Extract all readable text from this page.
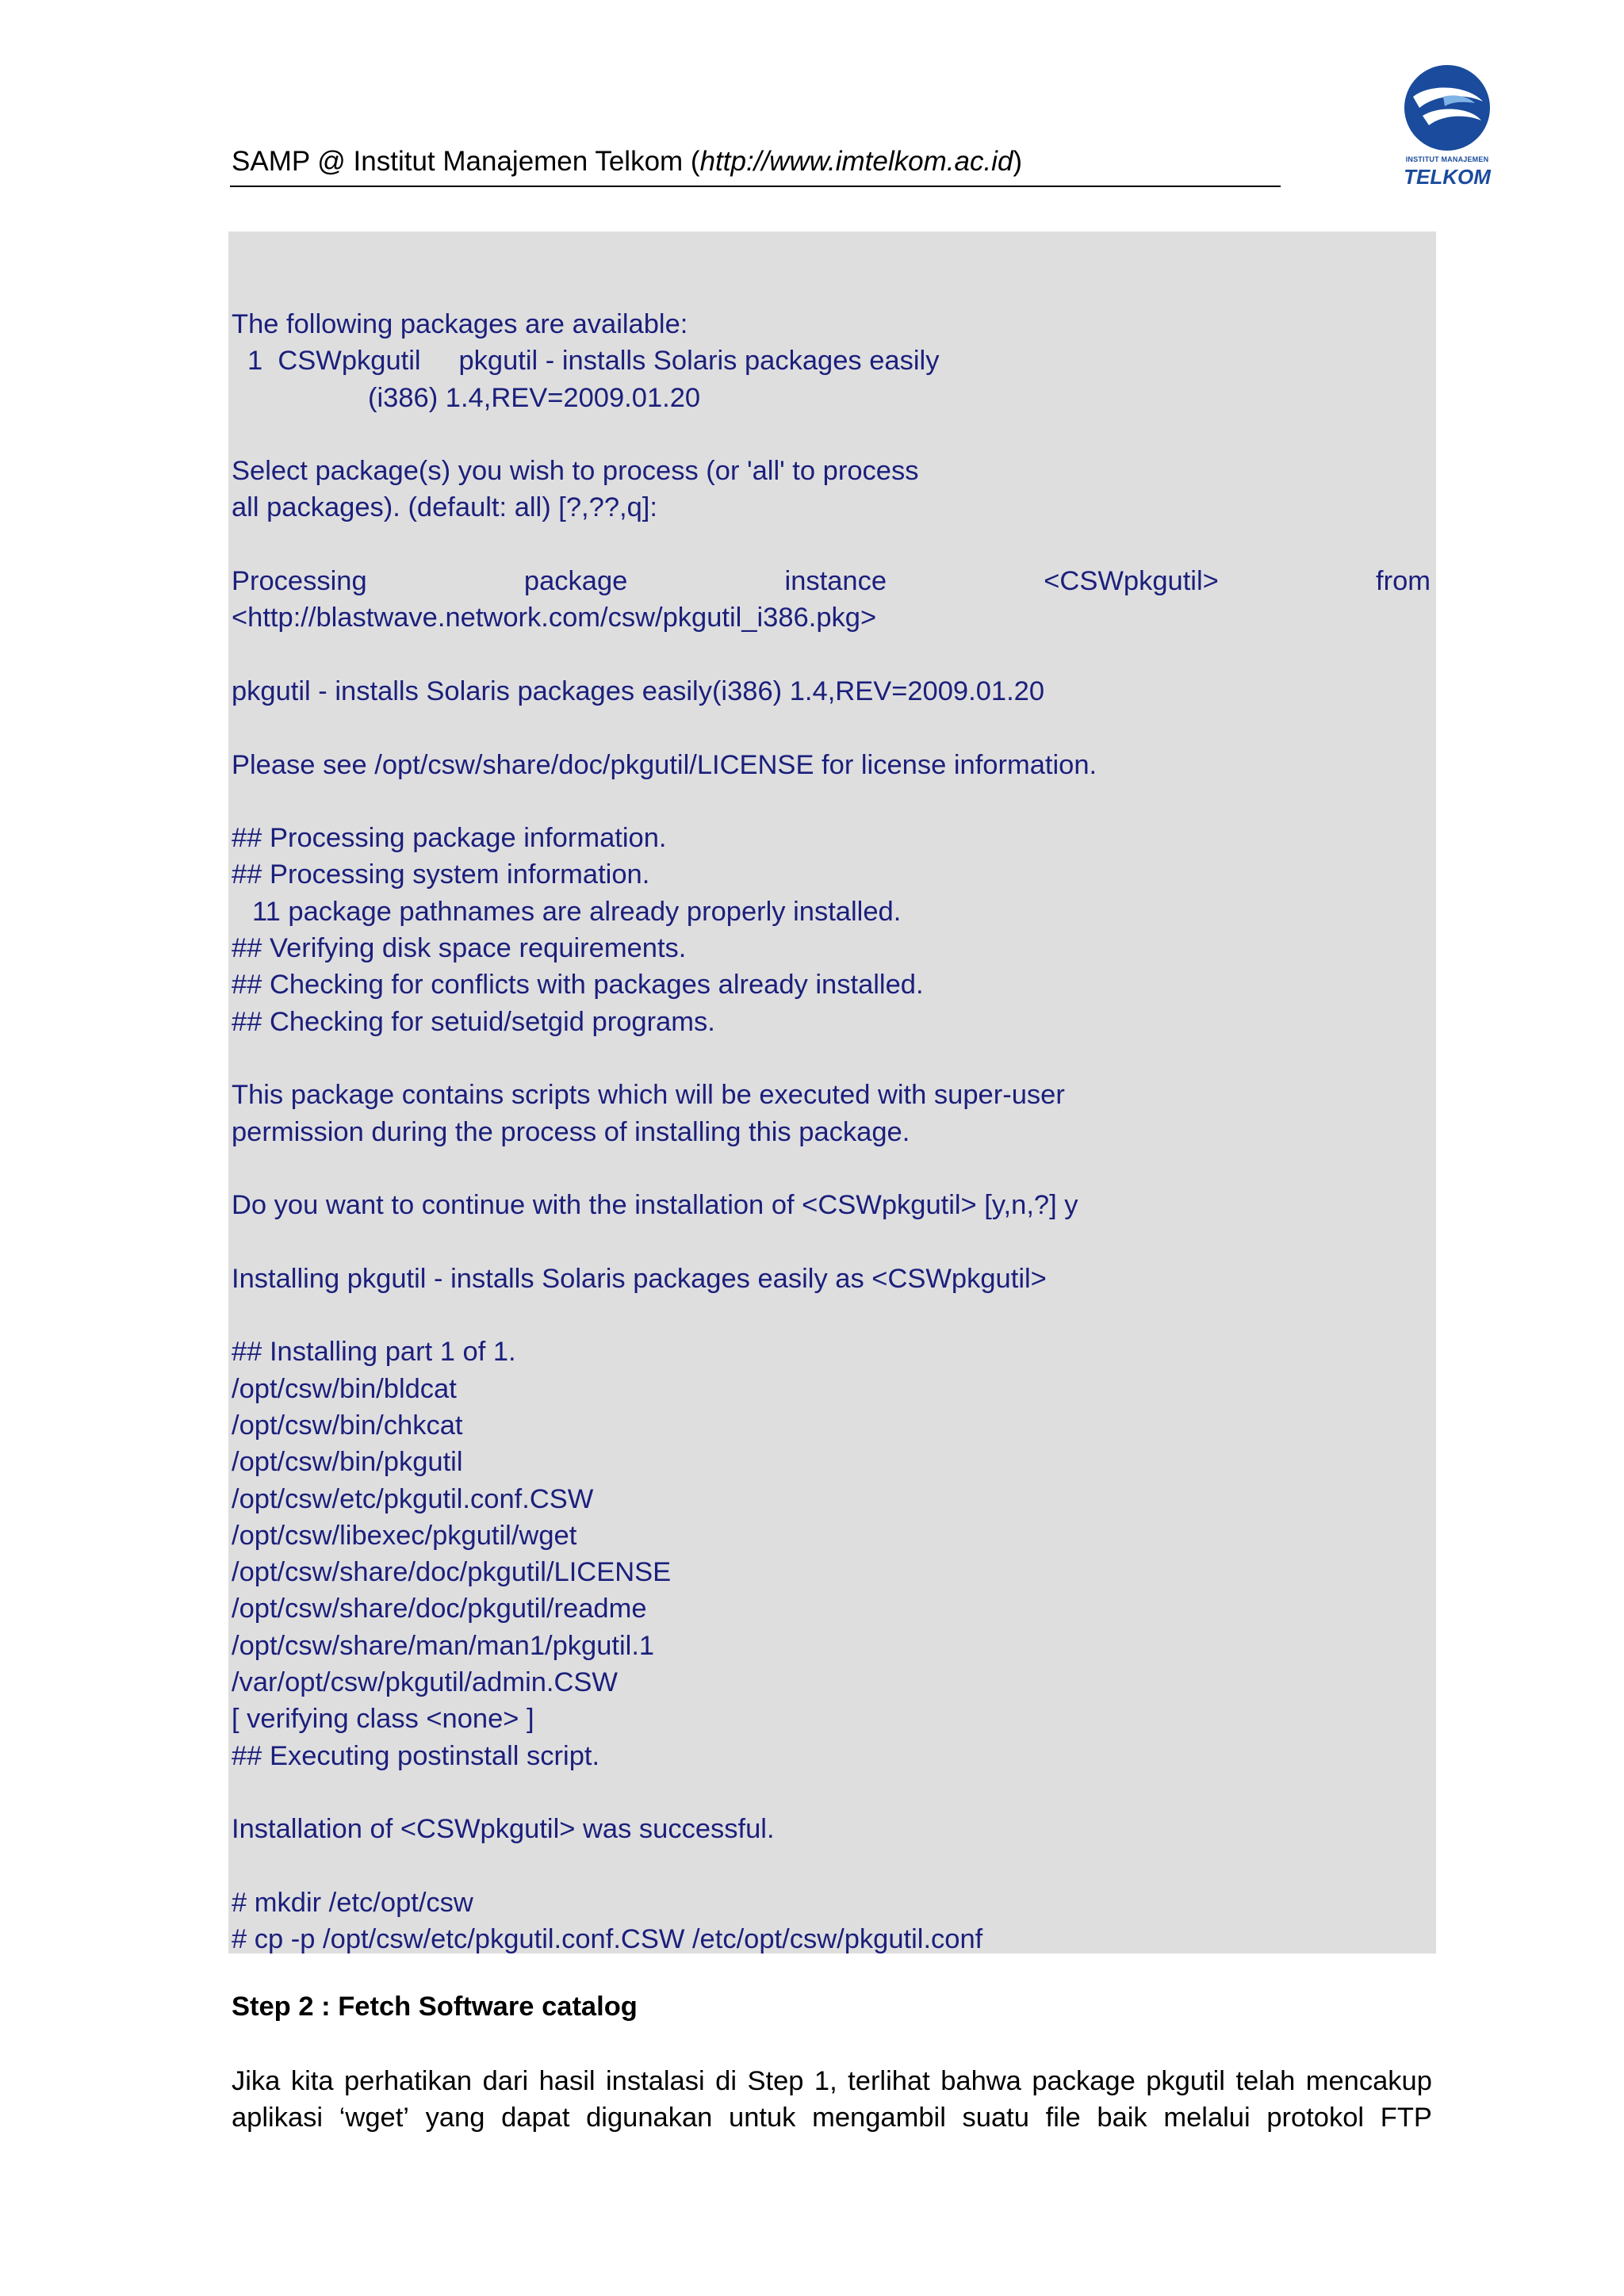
SAMP @ Institut Manajemen Telkom (http://www.imtelkom.ac.id)	INSTITUT MANAJEMEN
TELKOM
The following packages are available:
1  CSWpkgutil     pkgutil - installs Solaris packages easily
(i386) 1.4,REV=2009.01.20
Select package(s) you wish to process (or 'all' to process
all packages). (default: all) [?,??,q]:
Processing	package	instance	<CSWpkgutil>	from
<http://blastwave.network.com/csw/pkgutil_i386.pkg>
pkgutil - installs Solaris packages easily(i386) 1.4,REV=2009.01.20
Please see /opt/csw/share/doc/pkgutil/LICENSE for license information.
## Processing package information.
## Processing system information.
11 package pathnames are already properly installed.
## Verifying disk space requirements.
## Checking for conflicts with packages already installed.
## Checking for setuid/setgid programs.
This package contains scripts which will be executed with super-user
permission during the process of installing this package.
Do you want to continue with the installation of <CSWpkgutil> [y,n,?] y
Installing pkgutil - installs Solaris packages easily as <CSWpkgutil>
## Installing part 1 of 1.
/opt/csw/bin/bldcat
/opt/csw/bin/chkcat
/opt/csw/bin/pkgutil
/opt/csw/etc/pkgutil.conf.CSW
/opt/csw/libexec/pkgutil/wget
/opt/csw/share/doc/pkgutil/LICENSE
/opt/csw/share/doc/pkgutil/readme
/opt/csw/share/man/man1/pkgutil.1
/var/opt/csw/pkgutil/admin.CSW
[ verifying class <none> ]
## Executing postinstall script.
Installation of <CSWpkgutil> was successful.
# mkdir /etc/opt/csw
# cp -p /opt/csw/etc/pkgutil.conf.CSW /etc/opt/csw/pkgutil.conf
Step 2 : Fetch Software catalog
Jika kita perhatikan dari hasil instalasi di Step 1, terlihat bahwa package pkgutil telah mencakup
aplikasi ‘wget’ yang dapat digunakan untuk mengambil suatu file baik melalui protokol FTP
